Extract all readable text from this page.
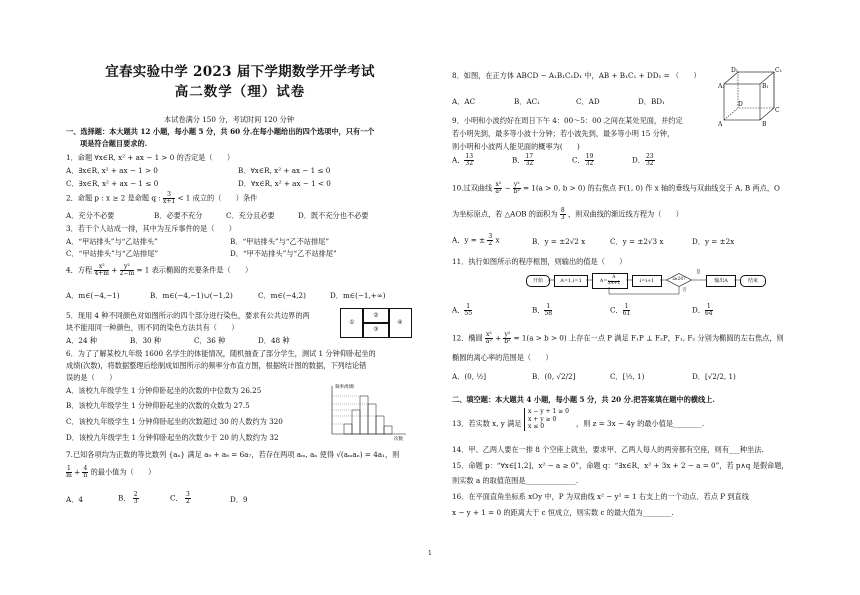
宜春实验中学 2023 届下学期数学开学考试
高二数学（理）试卷
本试卷满分 150 分，考试时间 120 分钟
一、选择题：本大题共 12 小题，每小题 5 分，共 60 分.在每小题给出的四个选项中，只有一个
项是符合题目要求的.
1．命题 ∀x∈R, x² + ax − 1 > 0 的否定是（　　）
A．∃x∈R, x² + ax − 1 > 0	B．∀x∈R, x² + ax − 1 ≤ 0
C．∃x∈R, x² + ax − 1 ≤ 0	D．∀x∈R, x² + ax − 1 < 0
2．命题 p : x ≥ 2 是命题 q : $\frac{3}{x+1} < 1$ 成立的（　　）条件
A．充分不必要	B．必要不充分	C．充分且必要	D．既不充分也不必要
3．若干个人站成一排，其中为互斥事件的是（　　）
A．“甲站排头”与“乙站排头”	B．“甲站排头”与“乙不站排尾”
C．“甲站排头”与“乙站排尾”	D．“甲不站排头”与“乙不站排尾”
4．方程 $\frac{\text{x²}}{4+m} + \frac{\text{y²}}{2-m} = 1$ 表示椭圆的充要条件是（　　）
A．m∈(−4,−1)	B．m∈(−4,−1)∪(−1,2)	C．m∈(−4,2)	D．m∈(−1,+∞)
5．现用 4 种不同颜色对如图所示的四个部分进行染色，要求有公共边界的两
块不能用同一种颜色，则不同的染色方法共有（　　）
①
②
③
④
A．24 种	B．30 种	C．36 种	D．48 种
6．为了了解某校九年级 1600 名学生的体能情况，随机抽查了部分学生，测试 1 分钟仰卧起坐的
成绩(次数)，将数据整理后绘制成如图所示的频率分布直方图，根据统计图的数据，下列结论错
误的是（　　）
A．该校九年级学生 1 分钟仰卧起坐的次数的中位数为 26.25
B．该校九年级学生 1 分钟仰卧起坐的次数的众数为 27.5
C．该校九年级学生 1 分钟仰卧起坐的次数超过 30 的人数约为 320
D．该校九年级学生 1 分钟仰卧起坐的次数少于 20 的人数约为 32
频率/组距
次数
7.已知各项均为正数的等比数列 {aₙ} 满足 a₉ + a₈ = 6a₇，若存在两项 aₘ, aₙ 使得 √(aₘaₙ) = 4a₁，则
$\frac{1}{m} + \frac{4}{n}$ 的最小值为（　　）
A．4	B． $\frac{2}{3}$	C． $\frac{3}{2}$	D．9
8．如图，在正方体 ABCD − A₁B₁C₁D₁ 中，AB + B₁C₁ + DD₁ = （　　）
A．AC	B．AC₁	C．AD	D．BD₁
D₁	C₁
A₁	B₁
D
C
A	B
9．小明和小波约好在周日下午 4：00～5：00 之间在某处见面，并约定
若小明先到，最多等小波十分钟；若小波先到，最多等小明 15 分钟，
则小明和小波两人能见面的概率为(　　)
A． $\frac{13}{32}$	B． $\frac{17}{32}$	C． $\frac{19}{32}$	D． $\frac{23}{32}$
10.过双曲线 $\frac{\text{x²}}{\text{a²}} - \frac{\text{y²}}{\text{b²}} = 1(a > 0$, b > 0) 的右焦点 F(1, 0) 作 x 轴的垂线与双曲线交于 A, B 两点，O
为坐标原点，若 △AOB 的面积为 $\frac{8}{3}$ ，则双曲线的渐近线方程为（　　）
A．y = ± $\frac{3}{2}$ x	B．y = ±2√2 x	C．y = ±2√3 x	D．y = ±2x
11．执行如图所示的程序框图，则输出的值是（　　）
开始	A=1,i=1	$A= \frac{A}{3A+1}$	i=i+1	i≥20?
是
输出A	结束
否
A． $\frac{1}{55}$	B． $\frac{1}{58}$	C． $\frac{1}{61}$	D． $\frac{1}{64}$
12．椭圆 $\frac{\text{x²}}{\text{a²}} + \frac{\text{y²}}{\text{b²}} = 1(a > b > 0)$ 上存在一点 P 满足 F₁P ⊥ F₂P，F₁, F₂ 分别为椭圆的左右焦点，则
椭圆的离心率的范围是（　　）
A．(0, ½]	B．(0, √2/2]	C．[½, 1)	D．[√2/2, 1)
二、填空题：本大题共 4 小题，每小题 5 分，共 20 分.把答案填在题中的横线上.
13．若实数 x, y 满足
x − y + 1 ≥ 0
x + y ≥ 0
x ≤ 0	，则 z = 3x − 4y 的最小值是________.
14．甲、乙两人要在一排 8 个空座上就坐，要求甲、乙两人每人的两旁都有空座，则有___种坐法.
15．命题 p：“∀x∈[1,2]，x² − a ≥ 0”，命题 q：“∃x∈R，x² + 3x + 2 − a = 0”，若 p∧q 是假命题，
则实数 a 的取值范围是______________.
16．在平面直角坐标系 xOy 中，P 为双曲线 x² − y² = 1 右支上的一个动点．若点 P 到直线
x − y + 1 = 0 的距离大于 c 恒成立，则实数 c 的最大值为________.
1
